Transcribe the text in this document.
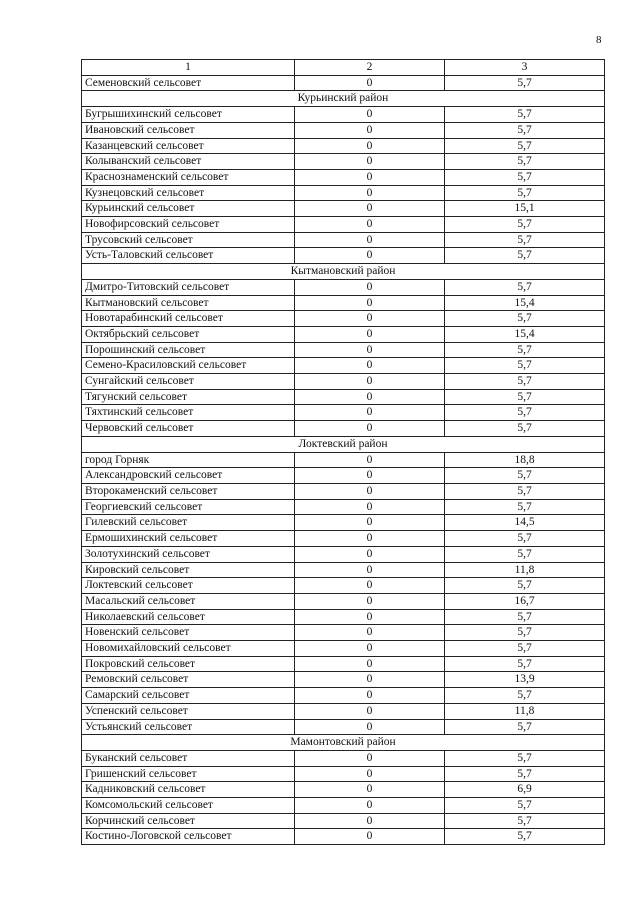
8
1	2	3
Семеновский сельсовет	0	5,7
Курьинский район		
Бугрышихинский сельсовет	0	5,7
Ивановский сельсовет	0	5,7
Казанцевский сельсовет	0	5,7
Колыванский сельсовет	0	5,7
Краснознаменский сельсовет	0	5,7
Кузнецовский сельсовет	0	5,7
Курьинский сельсовет	0	15,1
Новофирсовский сельсовет	0	5,7
Трусовский сельсовет	0	5,7
Усть-Таловский сельсовет	0	5,7
Кытмановский район		
Дмитро-Титовский сельсовет	0	5,7
Кытмановский сельсовет	0	15,4
Новотарабинский сельсовет	0	5,7
Октябрьский сельсовет	0	15,4
Порошинский сельсовет	0	5,7
Семено-Красиловский сельсовет	0	5,7
Сунгайский сельсовет	0	5,7
Тягунский сельсовет	0	5,7
Тяхтинский сельсовет	0	5,7
Червовский сельсовет	0	5,7
Локтевский район		
город Горняк	0	18,8
Александровский сельсовет	0	5,7
Второкаменский сельсовет	0	5,7
Георгиевский сельсовет	0	5,7
Гилевский сельсовет	0	14,5
Ермошихинский сельсовет	0	5,7
Золотухинский сельсовет	0	5,7
Кировский сельсовет	0	11,8
Локтевский сельсовет	0	5,7
Масальский сельсовет	0	16,7
Николаевский сельсовет	0	5,7
Новенский сельсовет	0	5,7
Новомихайловский сельсовет	0	5,7
Покровский сельсовет	0	5,7
Ремовский сельсовет	0	13,9
Самарский сельсовет	0	5,7
Успенский сельсовет	0	11,8
Устьянский сельсовет	0	5,7
Мамонтовский район		
Буканский сельсовет	0	5,7
Гришенский сельсовет	0	5,7
Кадниковский сельсовет	0	6,9
Комсомольский сельсовет	0	5,7
Корчинский сельсовет	0	5,7
Костино-Логовской сельсовет	0	5,7
